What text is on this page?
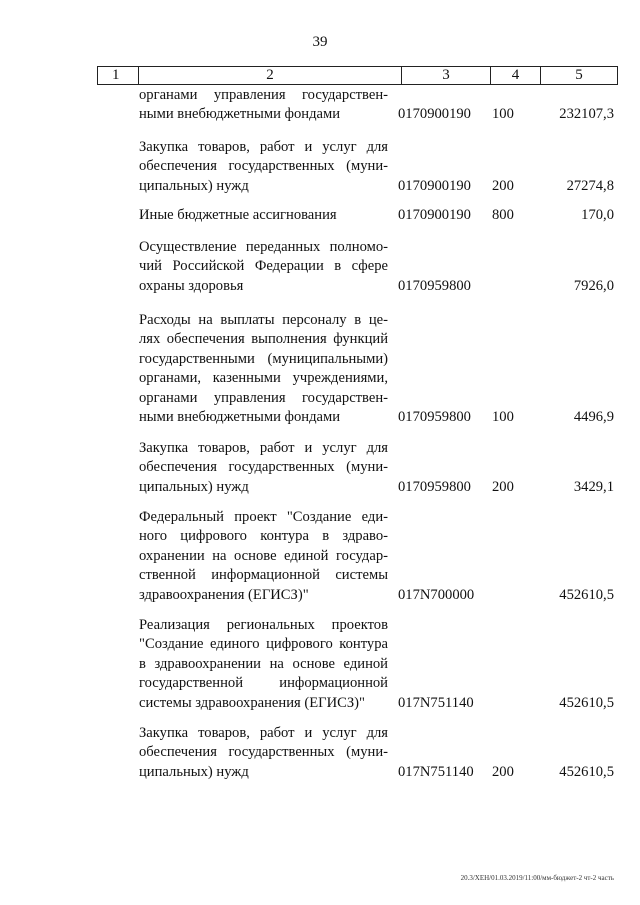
39
1	2	3	4	5
органами управления государствен-
ными внебюджетными фондами	0170900190 100	232107,3
Закупка товаров, работ и услуг для
обеспечения государственных (муни-
ципальных) нужд	0170900190 200	27274,8
Иные бюджетные ассигнования	0170900190 800	170,0
Осуществление переданных полномо-
чий Российской Федерации в сфере
охраны здоровья	0170959800	7926,0
Расходы на выплаты персоналу в це-
лях обеспечения выполнения функций
государственными (муниципальными)
органами, казенными учреждениями,
органами управления государствен-
ными внебюджетными фондами	0170959800 100	4496,9
Закупка товаров, работ и услуг для
обеспечения государственных (муни-
ципальных) нужд	0170959800 200	3429,1
Федеральный проект "Создание еди-
ного цифрового контура в здраво-
охранении на основе единой государ-
ственной информационной системы
здравоохранения (ЕГИСЗ)"	017N700000	452610,5
Реализация региональных проектов
"Создание единого цифрового контура
в здравоохранении на основе единой
государственной информационной
системы здравоохранения (ЕГИСЗ)"	017N751140	452610,5
Закупка товаров, работ и услуг для
обеспечения государственных (муни-
ципальных) нужд	017N751140 200	452610,5
20.3/ХЕН/01.03.2019/11:00/мм-бюджет-2 чт-2 часть
